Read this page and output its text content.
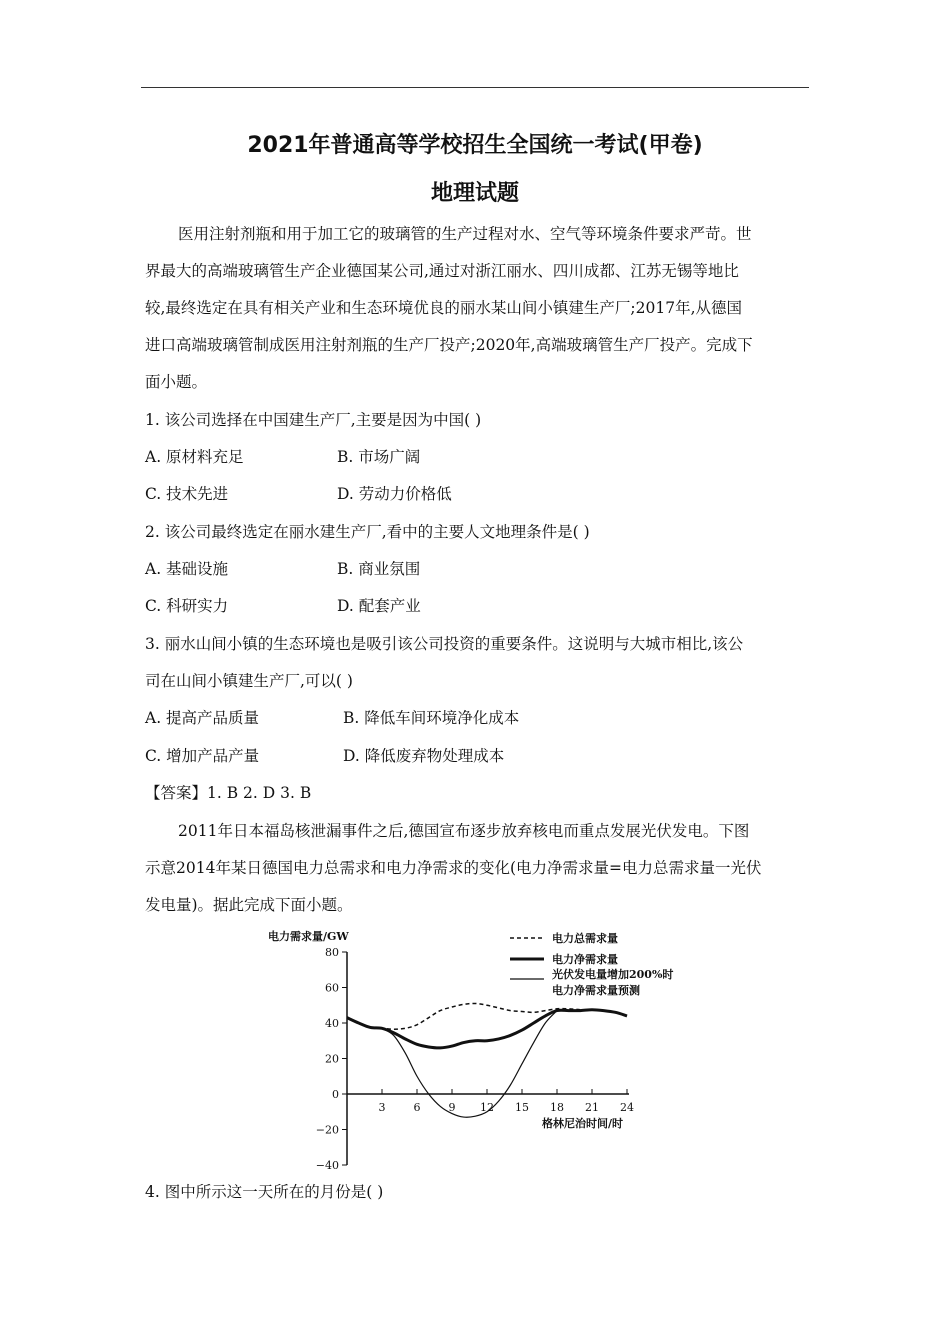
2021年普通高等学校招生全国统一考试(甲卷)
地理试题
医用注射剂瓶和用于加工它的玻璃管的生产过程对水、空气等环境条件要求严苛。世
界最大的高端玻璃管生产企业德国某公司,通过对浙江丽水、四川成都、江苏无锡等地比
较,最终选定在具有相关产业和生态环境优良的丽水某山间小镇建生产厂;2017年,从德国
进口高端玻璃管制成医用注射剂瓶的生产厂投产;2020年,高端玻璃管生产厂投产。完成下
面小题。
1. 该公司选择在中国建生产厂,主要是因为中国( )
A. 原材料充足	B. 市场广阔
C. 技术先进	D. 劳动力价格低
2. 该公司最终选定在丽水建生产厂,看中的主要人文地理条件是( )
A. 基础设施	B. 商业氛围
C. 科研实力	D. 配套产业
3. 丽水山间小镇的生态环境也是吸引该公司投资的重要条件。这说明与大城市相比,该公
司在山间小镇建生产厂,可以( )
A. 提高产品质量	B. 降低车间环境净化成本
C. 增加产品产量	D. 降低废弃物处理成本
【答案】1. B 2. D 3. B
2011年日本福岛核泄漏事件之后,德国宣布逐步放弃核电而重点发展光伏发电。下图
示意2014年某日德国电力总需求和电力净需求的变化(电力净需求量=电力总需求量一光伏
发电量)。据此完成下面小题。
电力需求量/GW
格林尼治时间/时
80
60
40
20
0
−20
−40
3	6	9 12 15 18 21 24
电力总需求量
电力净需求量
光伏发电量增加200%时
电力净需求量预测
4. 图中所示这一天所在的月份是( )
